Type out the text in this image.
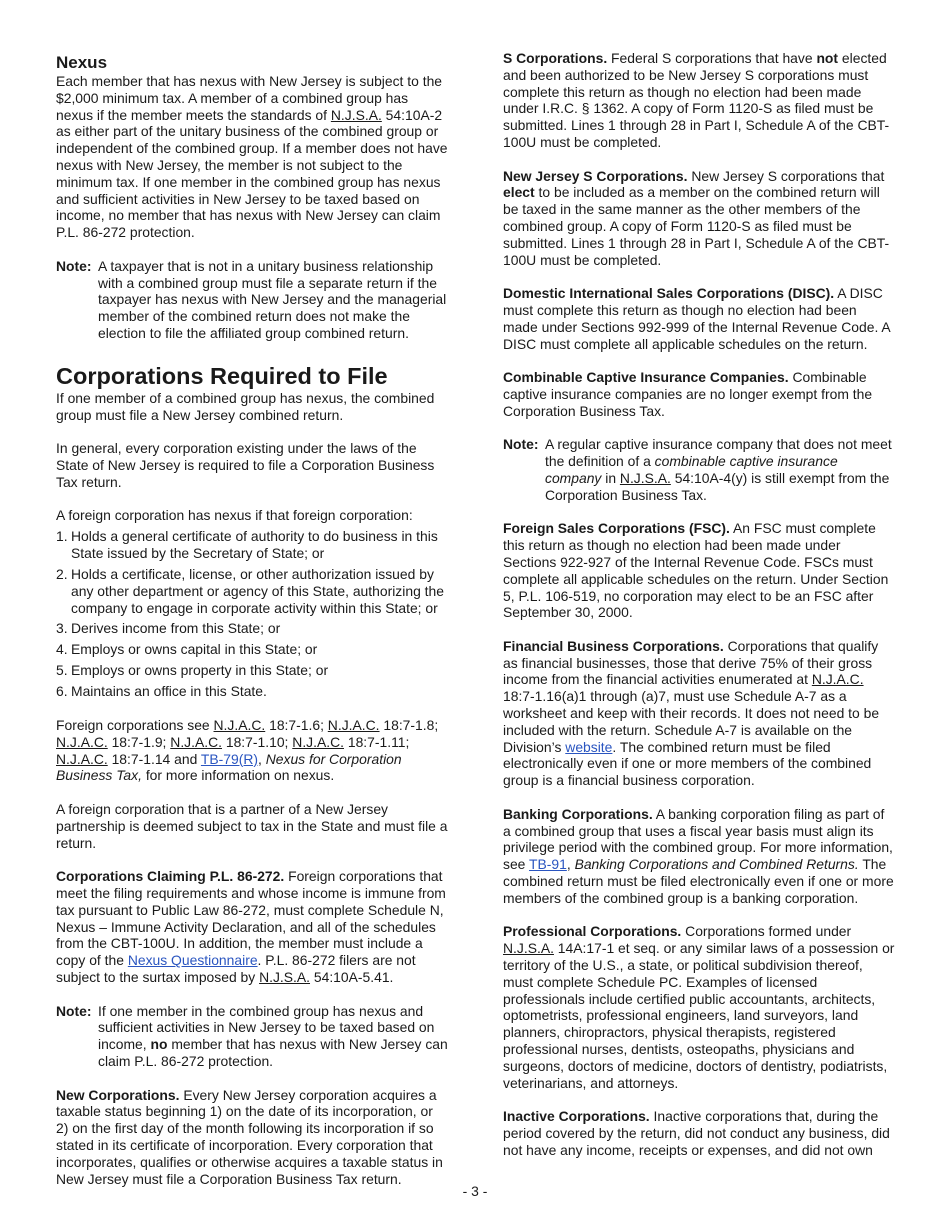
Nexus

Each member that has nexus with New Jersey is subject to the $2,000 minimum tax. A member of a combined group has nexus if the member meets the standards of N.J.S.A. 54:10A-2 as either part of the unitary business of the combined group or independent of the combined group. If a member does not have nexus with New Jersey, the member is not subject to the minimum tax. If one member in the combined group has nexus and sufficient activities in New Jersey to be taxed based on income, no member that has nexus with New Jersey can claim P.L. 86-272 protection.

Note: A taxpayer that is not in a unitary business relationship with a combined group must file a separate return if the taxpayer has nexus with New Jersey and the managerial member of the combined return does not make the election to file the affiliated group combined return.
Corporations Required to File

If one member of a combined group has nexus, the combined group must file a New Jersey combined return.

In general, every corporation existing under the laws of the State of New Jersey is required to file a Corporation Business Tax return.

A foreign corporation has nexus if that foreign corporation:

1. Holds a general certificate of authority to do business in this State issued by the Secretary of State; or
2. Holds a certificate, license, or other authorization issued by any other department or agency of this State, authorizing the company to engage in corporate activity within this State; or
3. Derives income from this State; or
4. Employs or owns capital in this State; or
5. Employs or owns property in this State; or
6. Maintains an office in this State.

Foreign corporations see N.J.A.C. 18:7-1.6; N.J.A.C. 18:7-1.8; N.J.A.C. 18:7-1.9; N.J.A.C. 18:7-1.10; N.J.A.C. 18:7-1.11; N.J.A.C. 18:7-1.14 and TB-79(R), Nexus for Corporation Business Tax, for more information on nexus.

A foreign corporation that is a partner of a New Jersey partnership is deemed subject to tax in the State and must file a return.

Corporations Claiming P.L. 86-272. Foreign corporations that meet the filing requirements and whose income is immune from tax pursuant to Public Law 86-272, must complete Schedule N, Nexus – Immune Activity Declaration, and all of the schedules from the CBT-100U. In addition, the member must include a copy of the Nexus Questionnaire. P.L. 86-272 filers are not subject to the surtax imposed by N.J.S.A. 54:10A-5.41.

Note: If one member in the combined group has nexus and sufficient activities in New Jersey to be taxed based on income, no member that has nexus with New Jersey can claim P.L. 86-272 protection.

New Corporations. Every New Jersey corporation acquires a taxable status beginning 1) on the date of its incorporation, or 2) on the first day of the month following its incorporation if so stated in its certificate of incorporation. Every corporation that incorporates, qualifies or otherwise acquires a taxable status in New Jersey must file a Corporation Business Tax return.

S Corporations. Federal S corporations that have not elected and been authorized to be New Jersey S corporations must complete this return as though no election had been made under I.R.C. § 1362. A copy of Form 1120-S as filed must be submitted. Lines 1 through 28 in Part I, Schedule A of the CBT-100U must be completed.

New Jersey S Corporations. New Jersey S corporations that elect to be included as a member on the combined return will be taxed in the same manner as the other members of the combined group. A copy of Form 1120-S as filed must be submitted. Lines 1 through 28 in Part I, Schedule A of the CBT-100U must be completed.

Domestic International Sales Corporations (DISC). A DISC must complete this return as though no election had been made under Sections 992-999 of the Internal Revenue Code. A DISC must complete all applicable schedules on the return.

Combinable Captive Insurance Companies. Combinable captive insurance companies are no longer exempt from the Corporation Business Tax.

Note: A regular captive insurance company that does not meet the definition of a combinable captive insurance company in N.J.S.A. 54:10A-4(y) is still exempt from the Corporation Business Tax.

Foreign Sales Corporations (FSC). An FSC must complete this return as though no election had been made under Sections 922-927 of the Internal Revenue Code. FSCs must complete all applicable schedules on the return. Under Section 5, P.L. 106-519, no corporation may elect to be an FSC after September 30, 2000.

Financial Business Corporations. Corporations that qualify as financial businesses, those that derive 75% of their gross income from the financial activities enumerated at N.J.A.C. 18:7-1.16(a)1 through (a)7, must use Schedule A-7 as a worksheet and keep with their records. It does not need to be included with the return. Schedule A-7 is available on the Division’s website. The combined return must be filed electronically even if one or more members of the combined group is a financial business corporation.

Banking Corporations. A banking corporation filing as part of a combined group that uses a fiscal year basis must align its privilege period with the combined group. For more information, see TB-91, Banking Corporations and Combined Returns. The combined return must be filed electronically even if one or more members of the combined group is a banking corporation.

Professional Corporations. Corporations formed under N.J.S.A. 14A:17-1 et seq. or any similar laws of a possession or territory of the U.S., a state, or political subdivision thereof, must complete Schedule PC. Examples of licensed professionals include certified public accountants, architects, optometrists, professional engineers, land surveyors, land planners, chiropractors, physical therapists, registered professional nurses, dentists, osteopaths, physicians and surgeons, doctors of medicine, doctors of dentistry, podiatrists, veterinarians, and attorneys.

Inactive Corporations. Inactive corporations that, during the period covered by the return, did not conduct any business, did not have any income, receipts or expenses, and did not own

- 3 -
